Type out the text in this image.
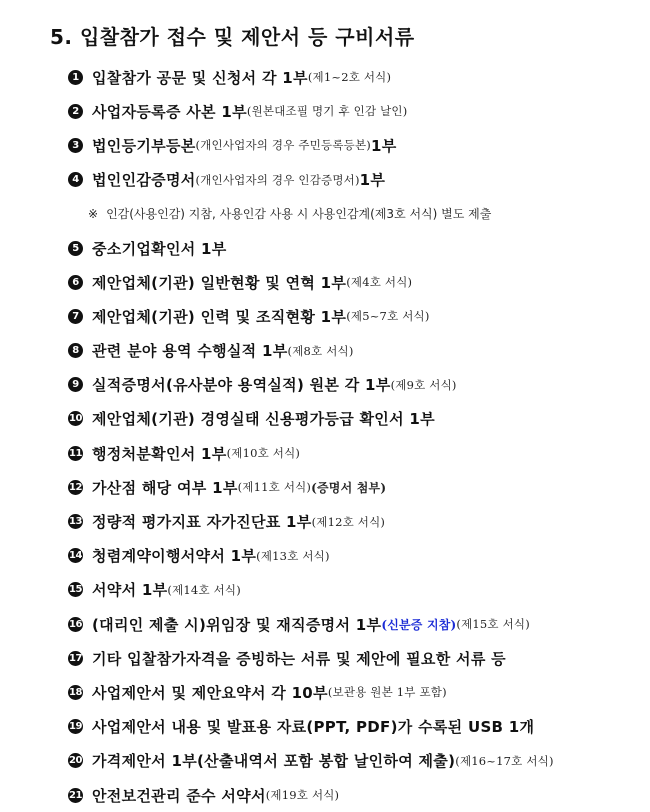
5. 입찰참가 접수 및 제안서 등 구비서류
1 입찰참가 공문 및 신청서 각 1부 (제1~2호 서식)
2 사업자등록증 사본 1부 (원본대조필 명기 후 인감 날인)
3 법인등기부등본 (개인사업자의 경우 주민등록등본) 1부
4 법인인감증명서 (개인사업자의 경우 인감증명서) 1부
※ 인감(사용인감) 지참, 사용인감 사용 시 사용인감계(제3호 서식) 별도 제출
5 중소기업확인서 1부
6 제안업체(기관) 일반현황 및 연혁 1부 (제4호 서식)
7 제안업체(기관) 인력 및 조직현황 1부 (제5~7호 서식)
8 관련 분야 용역 수행실적 1부 (제8호 서식)
9 실적증명서(유사분야 용역실적) 원본 각 1부 (제9호 서식)
10 제안업체(기관) 경영실태 신용평가등급 확인서 1부
11 행정처분확인서 1부 (제10호 서식)
12 가산점 해당 여부 1부 (제11호 서식) (증명서 첨부)
13 정량적 평가지표 자가진단표 1부 (제12호 서식)
14 청렴계약이행서약서 1부 (제13호 서식)
15 서약서 1부 (제14호 서식)
16 (대리인 제출 시)위임장 및 재직증명서 1부 (신분증 지참) (제15호 서식)
17 기타 입찰참가자격을 증빙하는 서류 및 제안에 필요한 서류 등
18 사업제안서 및 제안요약서 각 10부 (보관용 원본 1부 포함)
19 사업제안서 내용 및 발표용 자료(PPT, PDF)가 수록된 USB 1개
20 가격제안서 1부(산출내역서 포함 봉합 날인하여 제출) (제16~17호 서식)
21 안전보건관리 준수 서약서 (제19호 서식)
